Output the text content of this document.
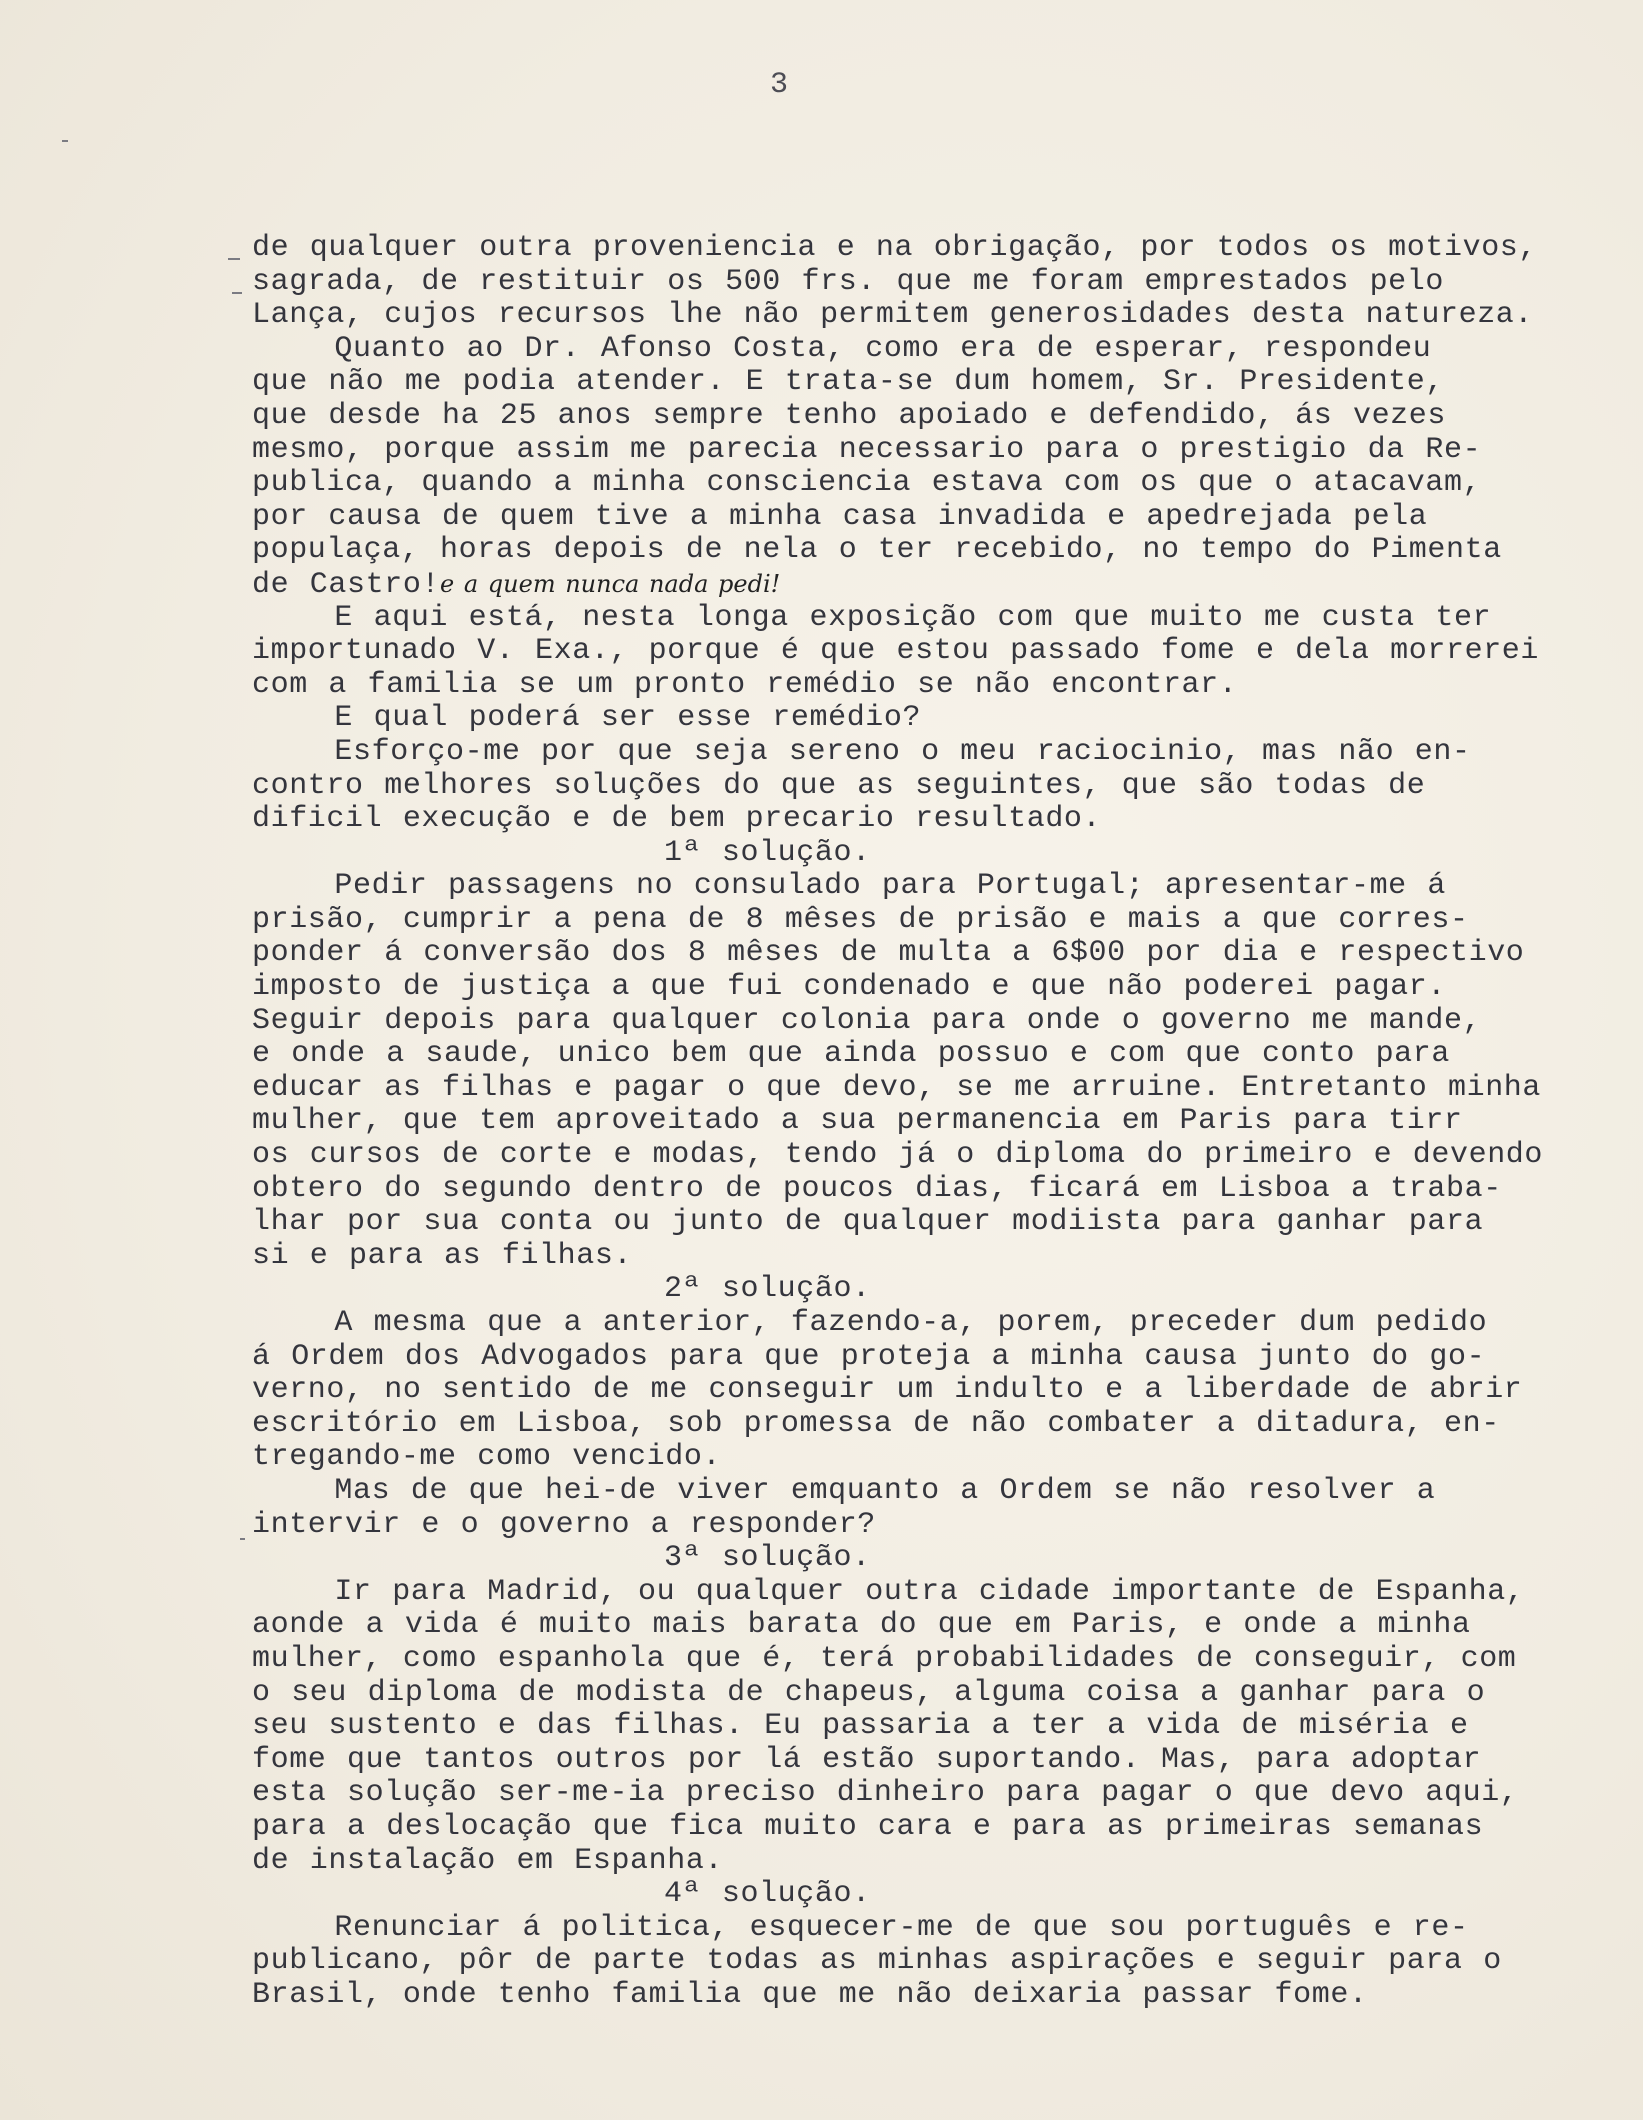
3
de qualquer outra proveniencia e na obrigação, por todos os motivos,
sagrada, de restituir os 500 frs. que me foram emprestados pelo
Lança, cujos recursos lhe não permitem generosidades desta natureza.
Quanto ao Dr. Afonso Costa, como era de esperar, respondeu
que não me podia atender. E trata-se dum homem, Sr. Presidente,
que desde ha 25 anos sempre tenho apoiado e defendido, ás vezes
mesmo, porque assim me parecia necessario para o prestigio da Re-
publica, quando a minha consciencia estava com os que o atacavam,
por causa de quem tive a minha casa invadida e apedrejada pela
populaça, horas depois de nela o ter recebido, no tempo do Pimenta
de Castro!e a quem nunca nada pedi!
E aqui está, nesta longa exposição com que muito me custa ter
importunado V. Exa., porque é que estou passado fome e dela morrerei
com a familia se um pronto remédio se não encontrar.
E qual poderá ser esse remédio?
Esforço-me por que seja sereno o meu raciocinio, mas não en-
contro melhores soluções do que as seguintes, que são todas de
dificil execução e de bem precario resultado.
1ª solução.
Pedir passagens no consulado para Portugal; apresentar-me á
prisão, cumprir a pena de 8 mêses de prisão e mais a que corres-
ponder á conversão dos 8 mêses de multa a 6$00 por dia e respectivo
imposto de justiça a que fui condenado e que não poderei pagar.
Seguir depois para qualquer colonia para onde o governo me mande,
e onde a saude, unico bem que ainda possuo e com que conto para
educar as filhas e pagar o que devo, se me arruine. Entretanto minha
mulher, que tem aproveitado a sua permanencia em Paris para tirr
os cursos de corte e modas, tendo já o diploma do primeiro e devendo
obtero do segundo dentro de poucos dias, ficará em Lisboa a traba-
lhar por sua conta ou junto de qualquer modiista para ganhar para
si e para as filhas.
2ª solução.
A mesma que a anterior, fazendo-a, porem, preceder dum pedido
á Ordem dos Advogados para que proteja a minha causa junto do go-
verno, no sentido de me conseguir um indulto e a liberdade de abrir
escritório em Lisboa, sob promessa de não combater a ditadura, en-
tregando-me como vencido.
Mas de que hei-de viver emquanto a Ordem se não resolver a
intervir e o governo a responder?
3ª solução.
Ir para Madrid, ou qualquer outra cidade importante de Espanha,
aonde a vida é muito mais barata do que em Paris, e onde a minha
mulher, como espanhola que é, terá probabilidades de conseguir, com
o seu diploma de modista de chapeus, alguma coisa a ganhar para o
seu sustento e das filhas. Eu passaria a ter a vida de miséria e
fome que tantos outros por lá estão suportando. Mas, para adoptar
esta solução ser-me-ia preciso dinheiro para pagar o que devo aqui,
para a deslocação que fica muito cara e para as primeiras semanas
de instalação em Espanha.
4ª solução.
Renunciar á politica, esquecer-me de que sou português e re-
publicano, pôr de parte todas as minhas aspirações e seguir para o
Brasil, onde tenho familia que me não deixaria passar fome.
